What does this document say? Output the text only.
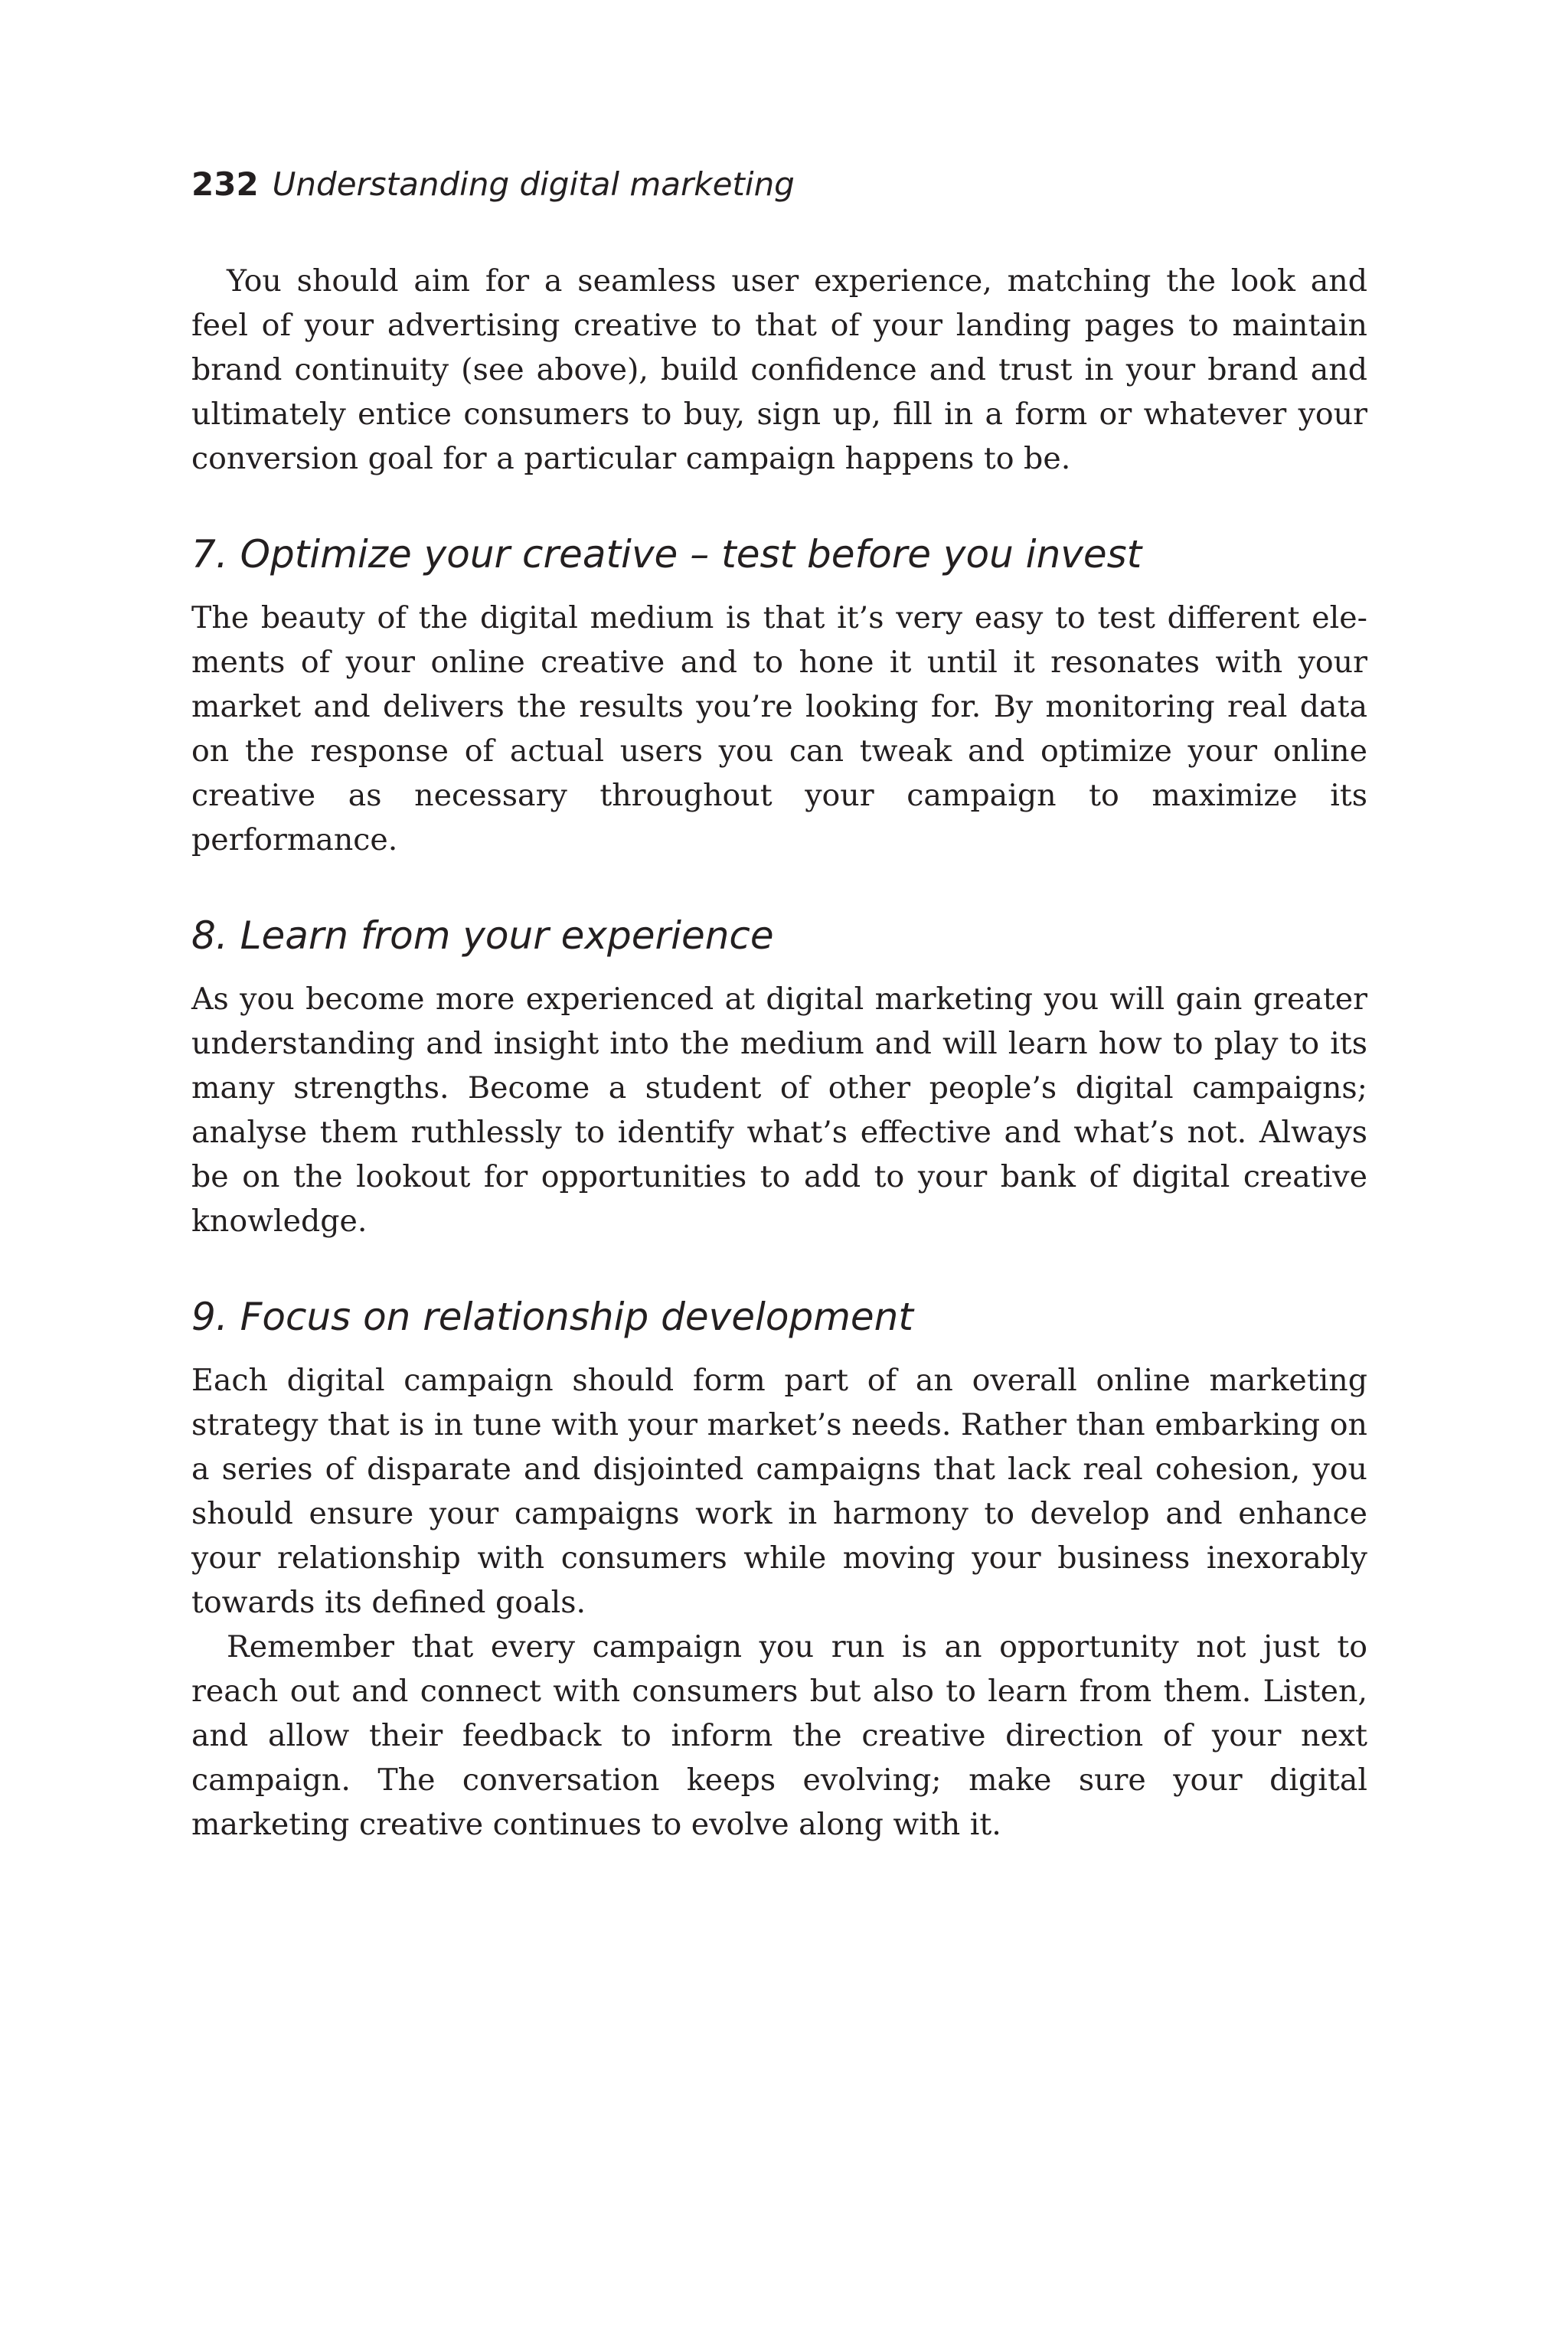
232 Understanding digital marketing

You should aim for a seamless user experience, matching the look and feel of your advertising creative to that of your landing pages to maintain brand continuity (see above), build confidence and trust in your brand and ultimately entice consumers to buy, sign up, fill in a form or whatever your conversion goal for a particular campaign happens to be.

7. Optimize your creative – test before you invest

The beauty of the digital medium is that it’s very easy to test different elements of your online creative and to hone it until it resonates with your market and delivers the results you’re looking for. By monitoring real data on the response of actual users you can tweak and optimize your online creative as necessary throughout your campaign to maximize its performance.

8. Learn from your experience

As you become more experienced at digital marketing you will gain greater understanding and insight into the medium and will learn how to play to its many strengths. Become a student of other people’s digital campaigns; analyse them ruthlessly to identify what’s effective and what’s not. Always be on the lookout for opportunities to add to your bank of digital creative knowledge.

9. Focus on relationship development

Each digital campaign should form part of an overall online marketing strategy that is in tune with your market’s needs. Rather than embarking on a series of disparate and disjointed campaigns that lack real cohesion, you should ensure your campaigns work in harmony to develop and enhance your relationship with consumers while moving your business inexorably towards its defined goals.

Remember that every campaign you run is an opportunity not just to reach out and connect with consumers but also to learn from them. Listen, and allow their feedback to inform the creative direction of your next campaign. The conversation keeps evolving; make sure your digital marketing creative continues to evolve along with it.
